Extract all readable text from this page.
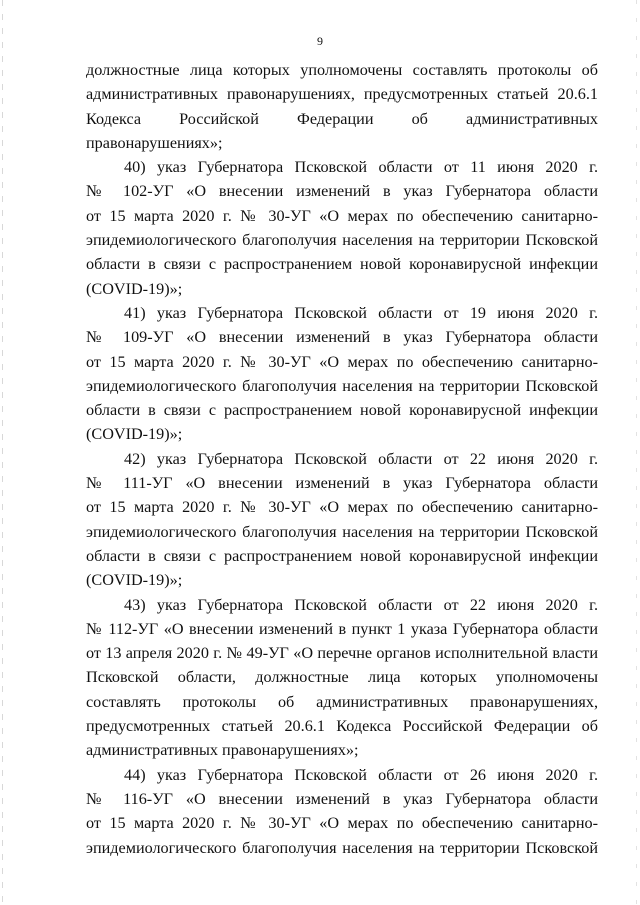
9
должностные лица которых уполномочены составлять протоколы об
административных правонарушениях, предусмотренных статьей 20.6.1
Кодекса Российской Федерации об административных
правонарушениях»;
40) указ Губернатора Псковской области от 11 июня 2020 г.
№ 102-УГ «О внесении изменений в указ Губернатора области
от 15 марта 2020 г. № 30-УГ «О мерах по обеспечению санитарно-
эпидемиологического благополучия населения на территории Псковской
области в связи с распространением новой коронавирусной инфекции
(COVID-19)»;
41) указ Губернатора Псковской области от 19 июня 2020 г.
№ 109-УГ «О внесении изменений в указ Губернатора области
от 15 марта 2020 г. № 30-УГ «О мерах по обеспечению санитарно-
эпидемиологического благополучия населения на территории Псковской
области в связи с распространением новой коронавирусной инфекции
(COVID-19)»;
42) указ Губернатора Псковской области от 22 июня 2020 г.
№ 111-УГ «О внесении изменений в указ Губернатора области
от 15 марта 2020 г. № 30-УГ «О мерах по обеспечению санитарно-
эпидемиологического благополучия населения на территории Псковской
области в связи с распространением новой коронавирусной инфекции
(COVID-19)»;
43) указ Губернатора Псковской области от 22 июня 2020 г.
№ 112-УГ «О внесении изменений в пункт 1 указа Губернатора области
от 13 апреля 2020 г. № 49-УГ «О перечне органов исполнительной власти
Псковской области, должностные лица которых уполномочены
составлять протоколы об административных правонарушениях,
предусмотренных статьей 20.6.1 Кодекса Российской Федерации об
административных правонарушениях»;
44) указ Губернатора Псковской области от 26 июня 2020 г.
№ 116-УГ «О внесении изменений в указ Губернатора области
от 15 марта 2020 г. № 30-УГ «О мерах по обеспечению санитарно-
эпидемиологического благополучия населения на территории Псковской
